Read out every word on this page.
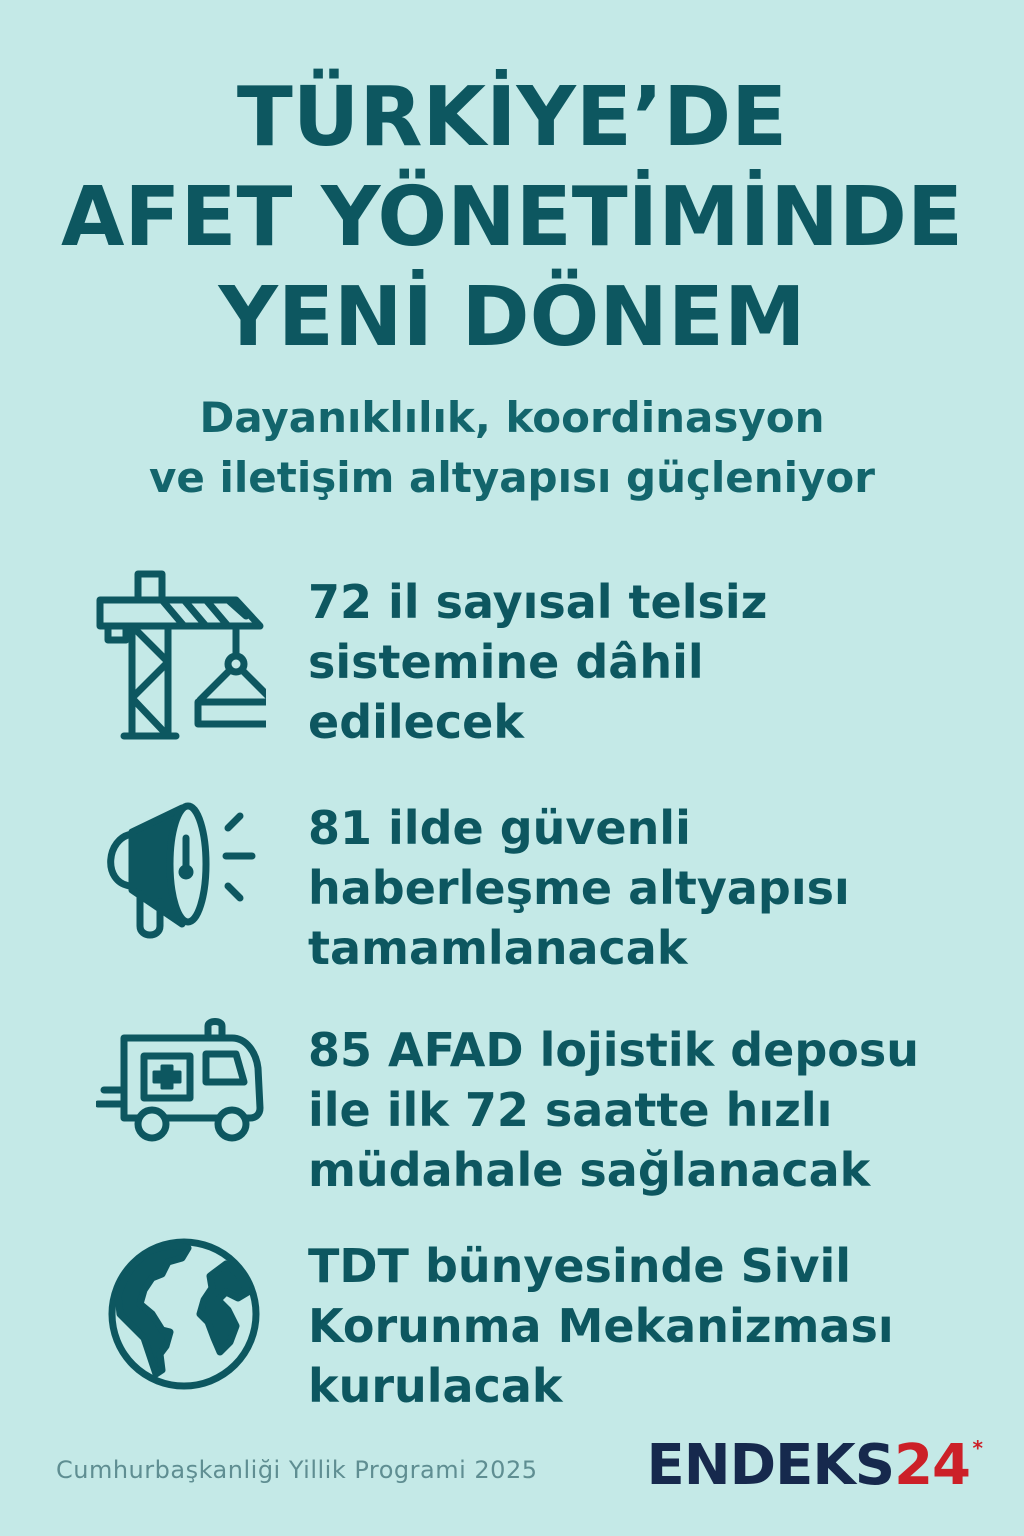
TÜRKİYE’DE
AFET YÖNETİMİNDE
YENİ DÖNEM
Dayanıklılık, koordinasyon
ve iletişim altyapısı güçleniyor
72 il sayısal telsiz
sistemine dâhil
edilecek
81 ilde güvenli
haberleşme altyapısı
tamamlanacak
85 AFAD lojistik deposu
ile ilk 72 saatte hızlı
müdahale sağlanacak
TDT bünyesinde Sivil
Korunma Mekanizması
kurulacak
Cumhurbaşkanliği Yillik Programi 2025 ENDEKS24 *
